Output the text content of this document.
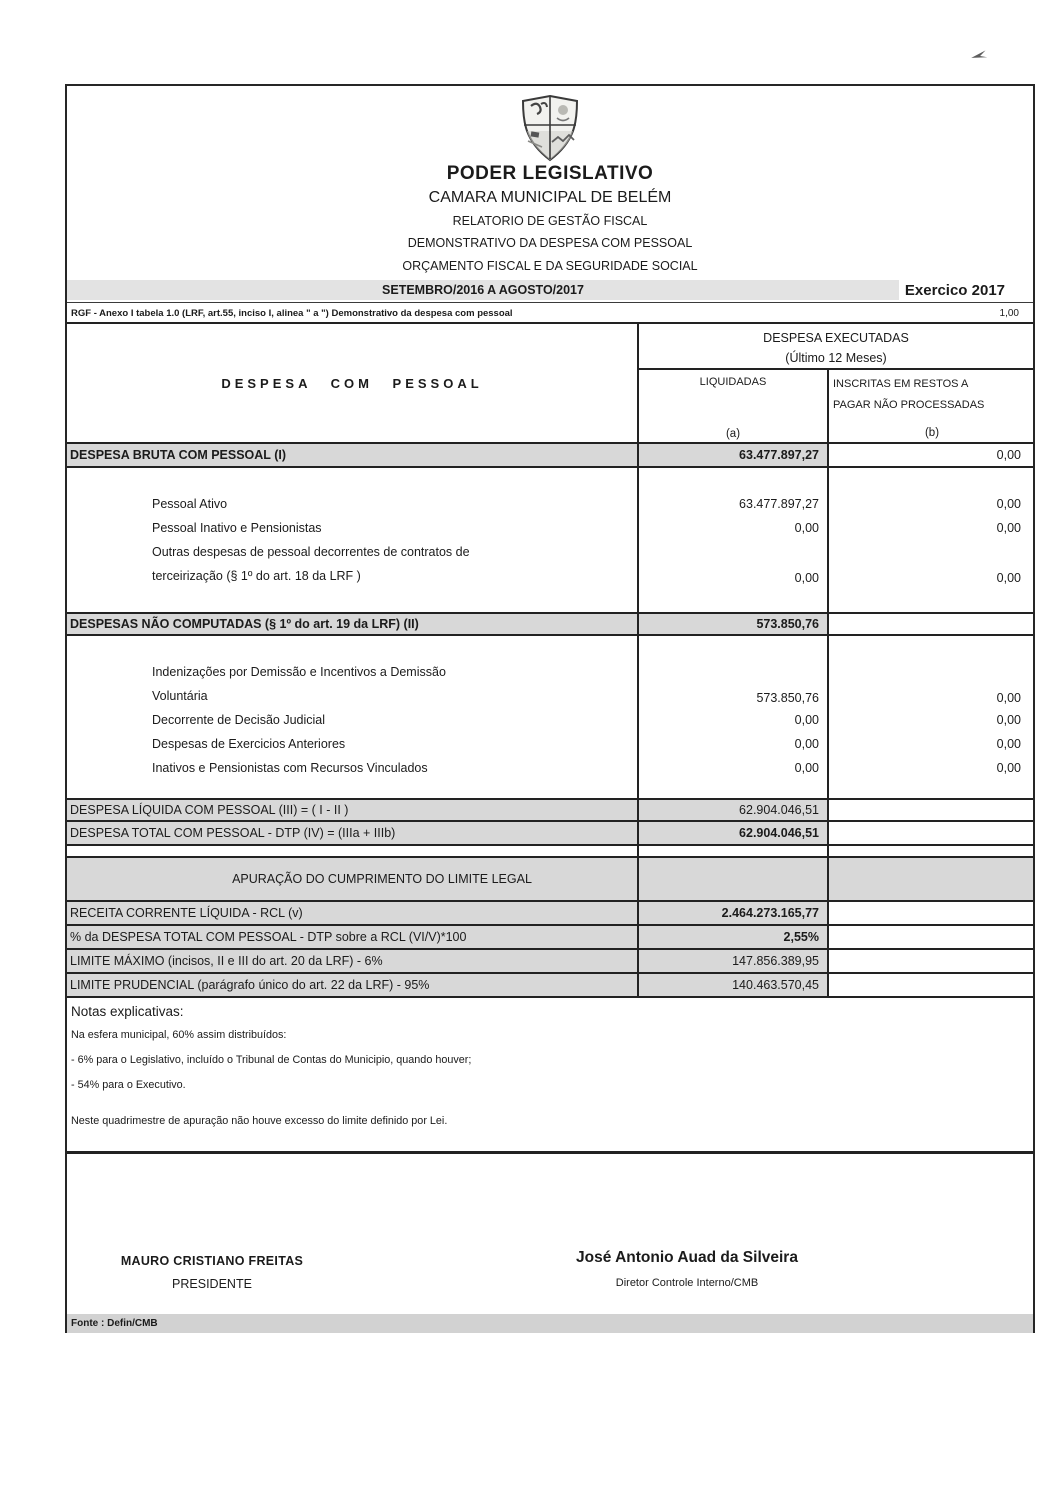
PODER LEGISLATIVO
CAMARA MUNICIPAL DE BELÉM
RELATORIO DE GESTÃO FISCAL
DEMONSTRATIVO DA DESPESA COM PESSOAL
ORÇAMENTO FISCAL E DA SEGURIDADE SOCIAL
SETEMBRO/2016 A AGOSTO/2017	Exercico 2017
RGF - Anexo I tabela 1.0 (LRF, art.55, inciso I, alinea " a ") Demonstrativo da despesa com pessoal	1,00
DESPESA COM PESSOAL
DESPESA EXECUTADAS
(Último 12 Meses)
LIQUIDADAS
(a)
INSCRITAS EM RESTOS A
PAGAR NÃO PROCESSADAS
(b)
DESPESA BRUTA COM PESSOAL (I)	63.477.897,27	0,00
Pessoal Ativo	63.477.897,27	0,00
Pessoal Inativo e Pensionistas	0,00	0,00
Outras despesas de pessoal decorrentes de contratos de
terceirização (§ 1º do art. 18 da LRF )	0,00	0,00
DESPESAS NÃO COMPUTADAS (§ 1º do art. 19 da LRF) (II)	573.850,76
Indenizações por Demissão e Incentivos a Demissão
Voluntária	573.850,76	0,00
Decorrente de Decisão Judicial	0,00	0,00
Despesas de Exercicios Anteriores	0,00	0,00
Inativos e Pensionistas com Recursos Vinculados	0,00	0,00
DESPESA LÍQUIDA COM PESSOAL (III) = ( I - II )	62.904.046,51
DESPESA TOTAL COM PESSOAL - DTP (IV) = (IIIa + IIIb)	62.904.046,51
APURAÇÃO DO CUMPRIMENTO DO LIMITE LEGAL
RECEITA CORRENTE LÍQUIDA - RCL (v)	2.464.273.165,77
% da DESPESA TOTAL COM PESSOAL - DTP sobre a RCL (VI/V)*100	2,55%
LIMITE MÁXIMO (incisos, II e III do art. 20 da LRF) - 6%	147.856.389,95
LIMITE PRUDENCIAL (parágrafo único do art. 22 da LRF) - 95%	140.463.570,45
Notas explicativas:
Na esfera municipal, 60% assim distribuídos:
- 6% para o Legislativo, incluído o Tribunal de Contas do Municipio, quando houver;
- 54% para o Executivo.
Neste quadrimestre de apuração não houve excesso do limite definido por Lei.
MAURO CRISTIANO FREITAS
PRESIDENTE
José Antonio Auad da Silveira
Diretor Controle Interno/CMB
Fonte : Defin/CMB
